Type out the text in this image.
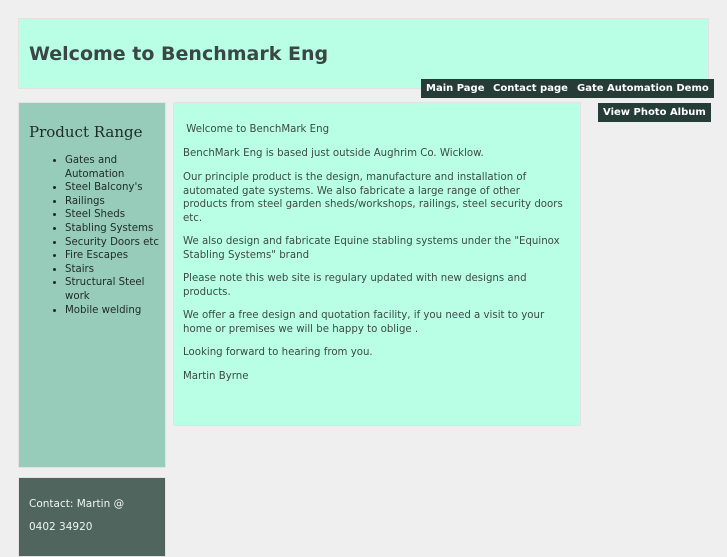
Welcome to Benchmark Eng
Main Page Contact page Gate Automation Demo
View Photo Album
Product Range
• Gates and Automation
• Steel Balcony's
• Railings
• Steel Sheds
• Stabling Systems
• Security Doors etc
• Fire Escapes
• Stairs
• Structural Steel work
• Mobile welding
Contact: Martin @
0402 34920

Welcome to BenchMark Eng

BenchMark Eng is based just outside Aughrim Co. Wicklow.

Our principle product is the design, manufacture and installation of automated gate systems. We also fabricate a large range of other products from steel garden sheds/workshops, railings, steel security doors etc.

We also design and fabricate Equine stabling systems under the "Equinox Stabling Systems" brand

Please note this web site is regulary updated with new designs and products.

We offer a free design and quotation facility, if you need a visit to your home or premises we will be happy to oblige .

Looking forward to hearing from you.

Martin Byrne
